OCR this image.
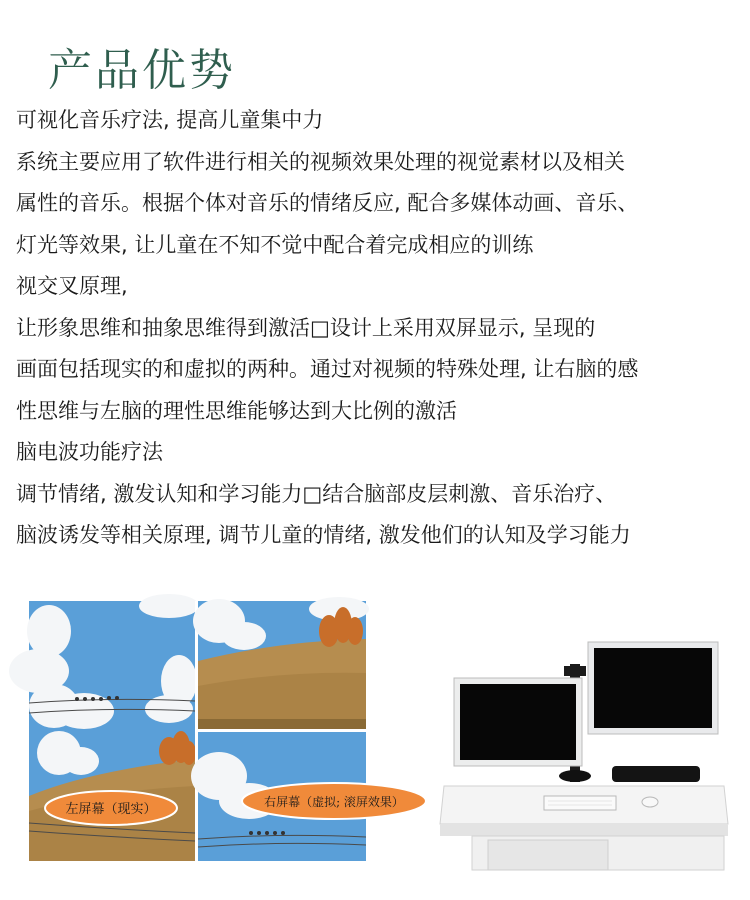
产品优势

可视化音乐疗法, 提高儿童集中力

系统主要应用了软件进行相关的视频效果处理的视觉素材以及相关

属性的音乐。根据个体对音乐的情绪反应, 配合多媒体动画、音乐、

灯光等效果, 让儿童在不知不觉中配合着完成相应的训练

视交叉原理,

让形象思维和抽象思维得到激活□设计上采用双屏显示, 呈现的

画面包括现实的和虚拟的两种。通过对视频的特殊处理, 让右脑的感

性思维与左脑的理性思维能够达到大比例的激活

脑电波功能疗法

调节情绪, 激发认知和学习能力□结合脑部皮层刺激、音乐治疗、

脑波诱发等相关原理, 调节儿童的情绪, 激发他们的认知及学习能力

左屏幕（现实）	右屏幕（虚拟; 滚屏效果）
